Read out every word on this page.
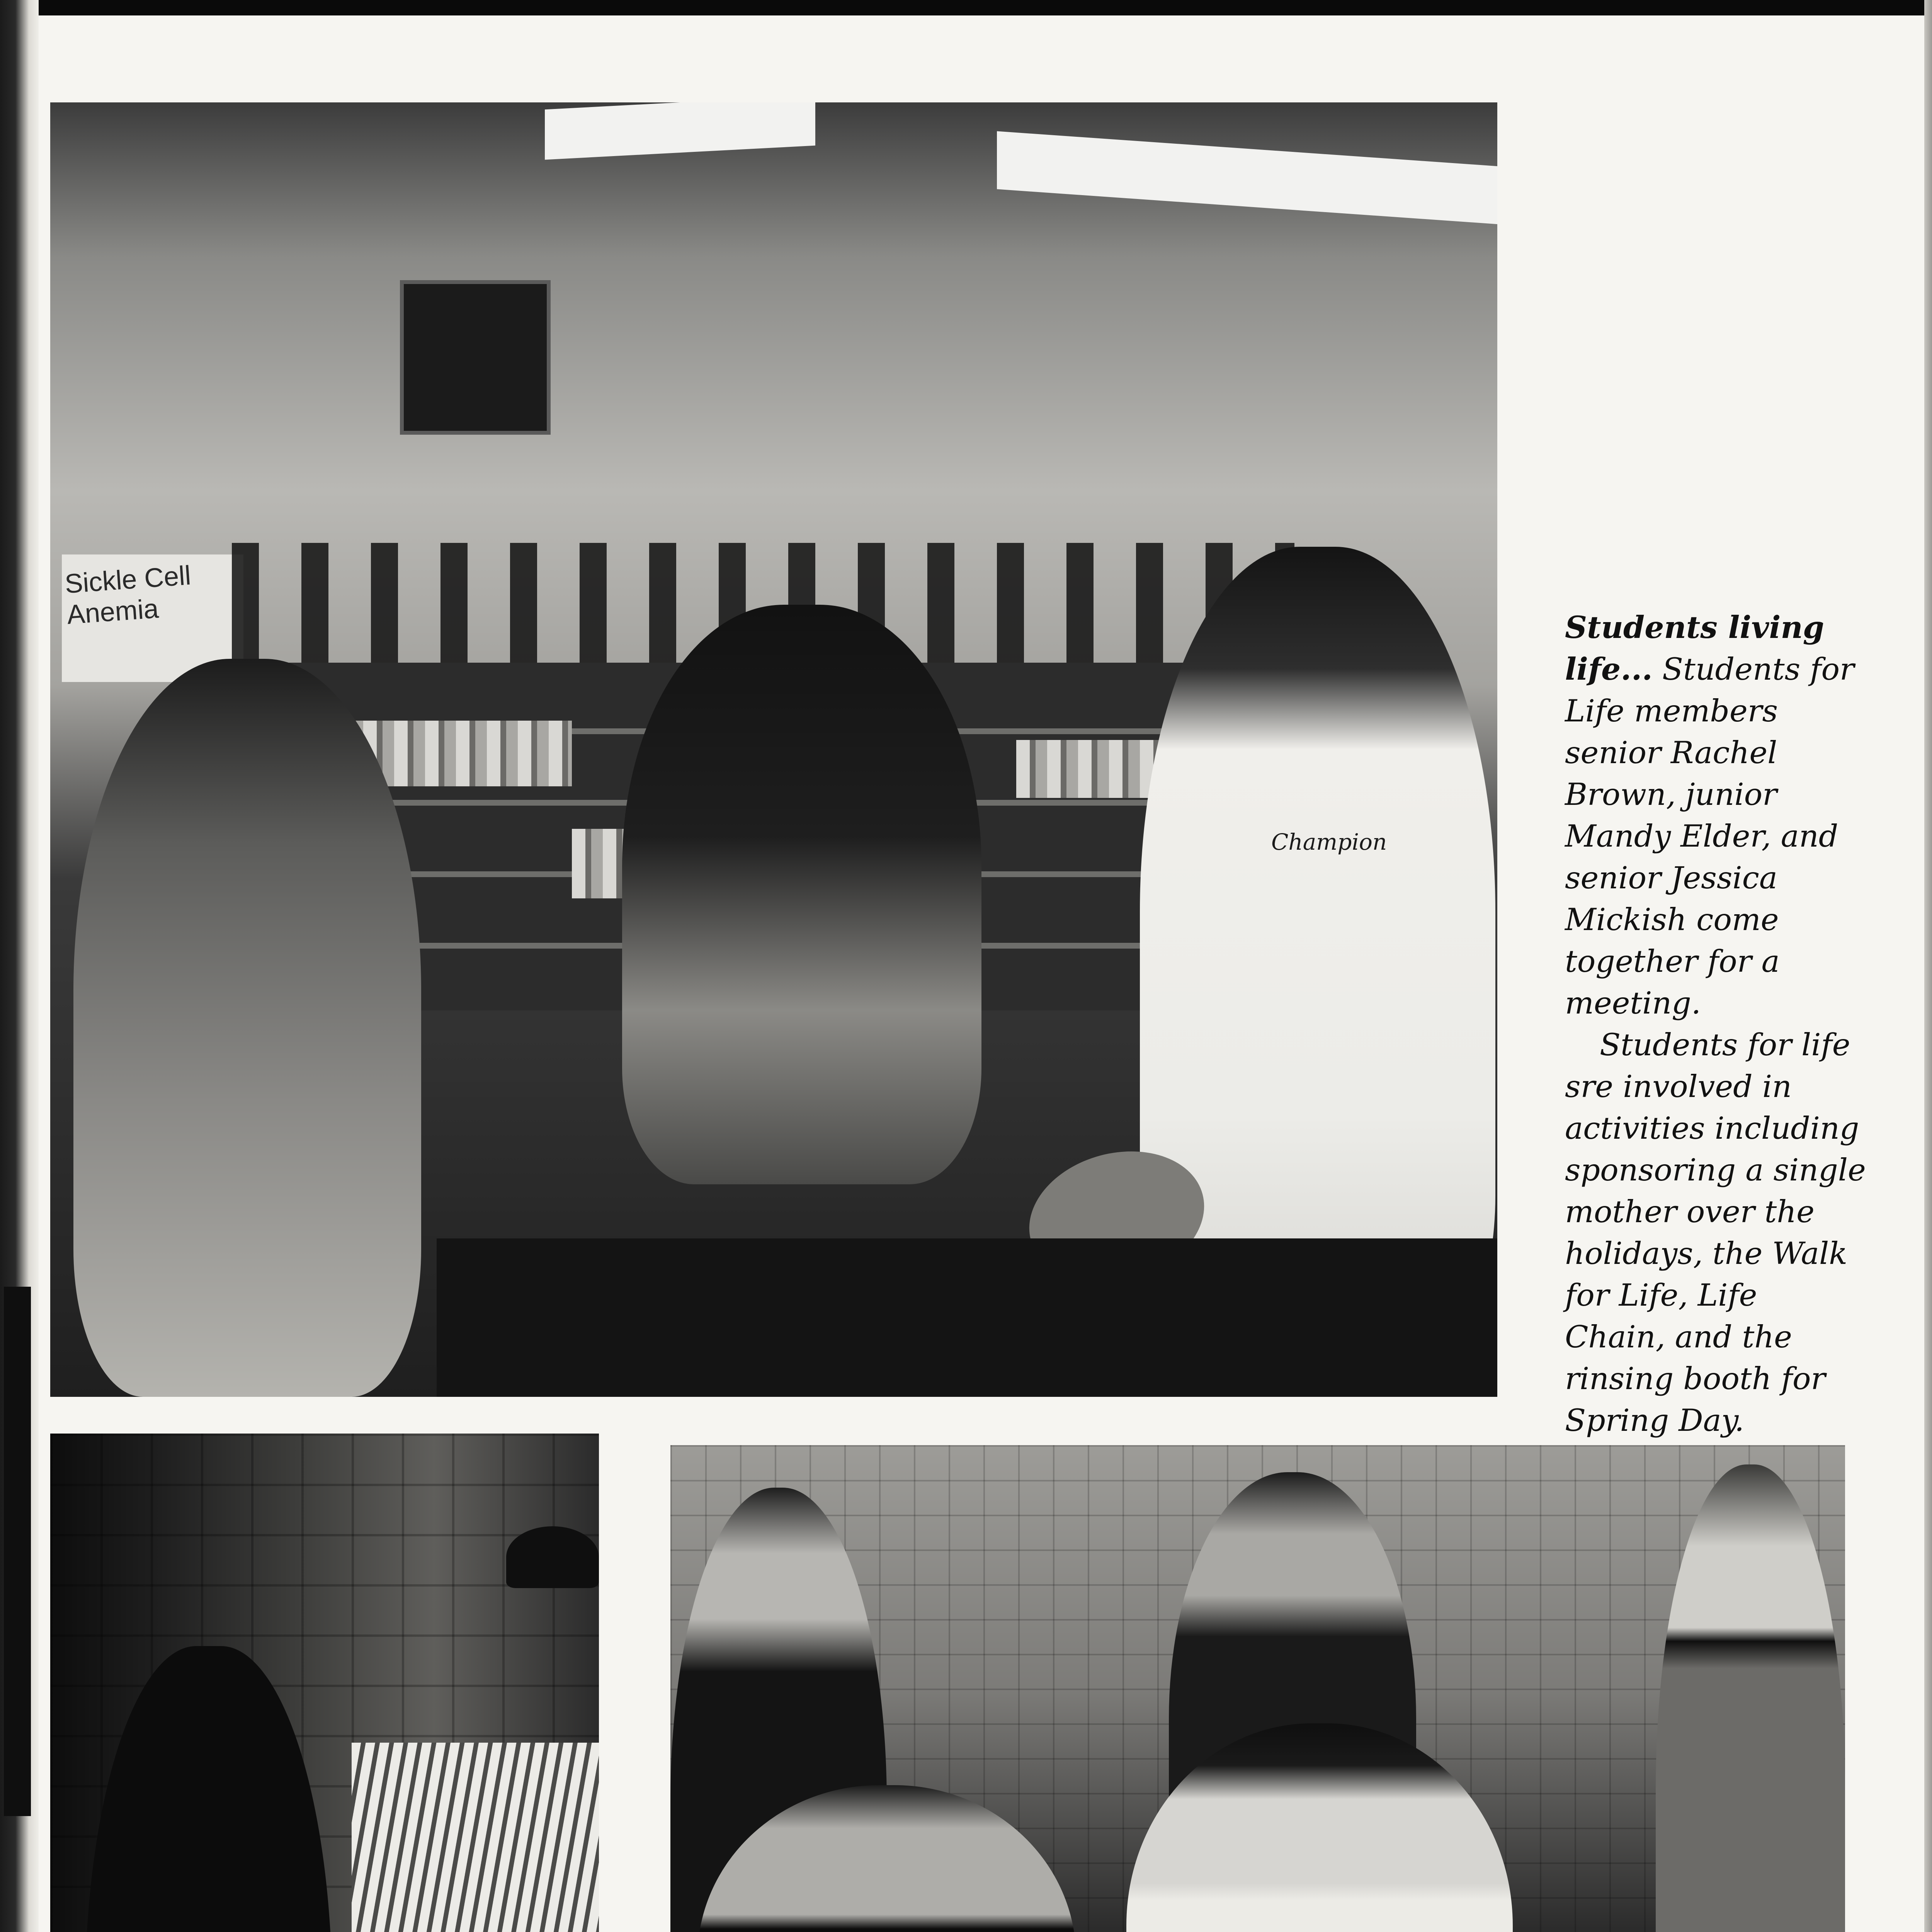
Sickle Cell Anemia
Champion
Students living life... Students for Life members senior Rachel Brown, junior Mandy Elder, and senior Jessica Mickish come together for a meeting.
Students for life sre involved in activities including sponsoring a single mother over the holidays, the Walk for Life, Life Chain, and the rinsing booth for Spring Day.
